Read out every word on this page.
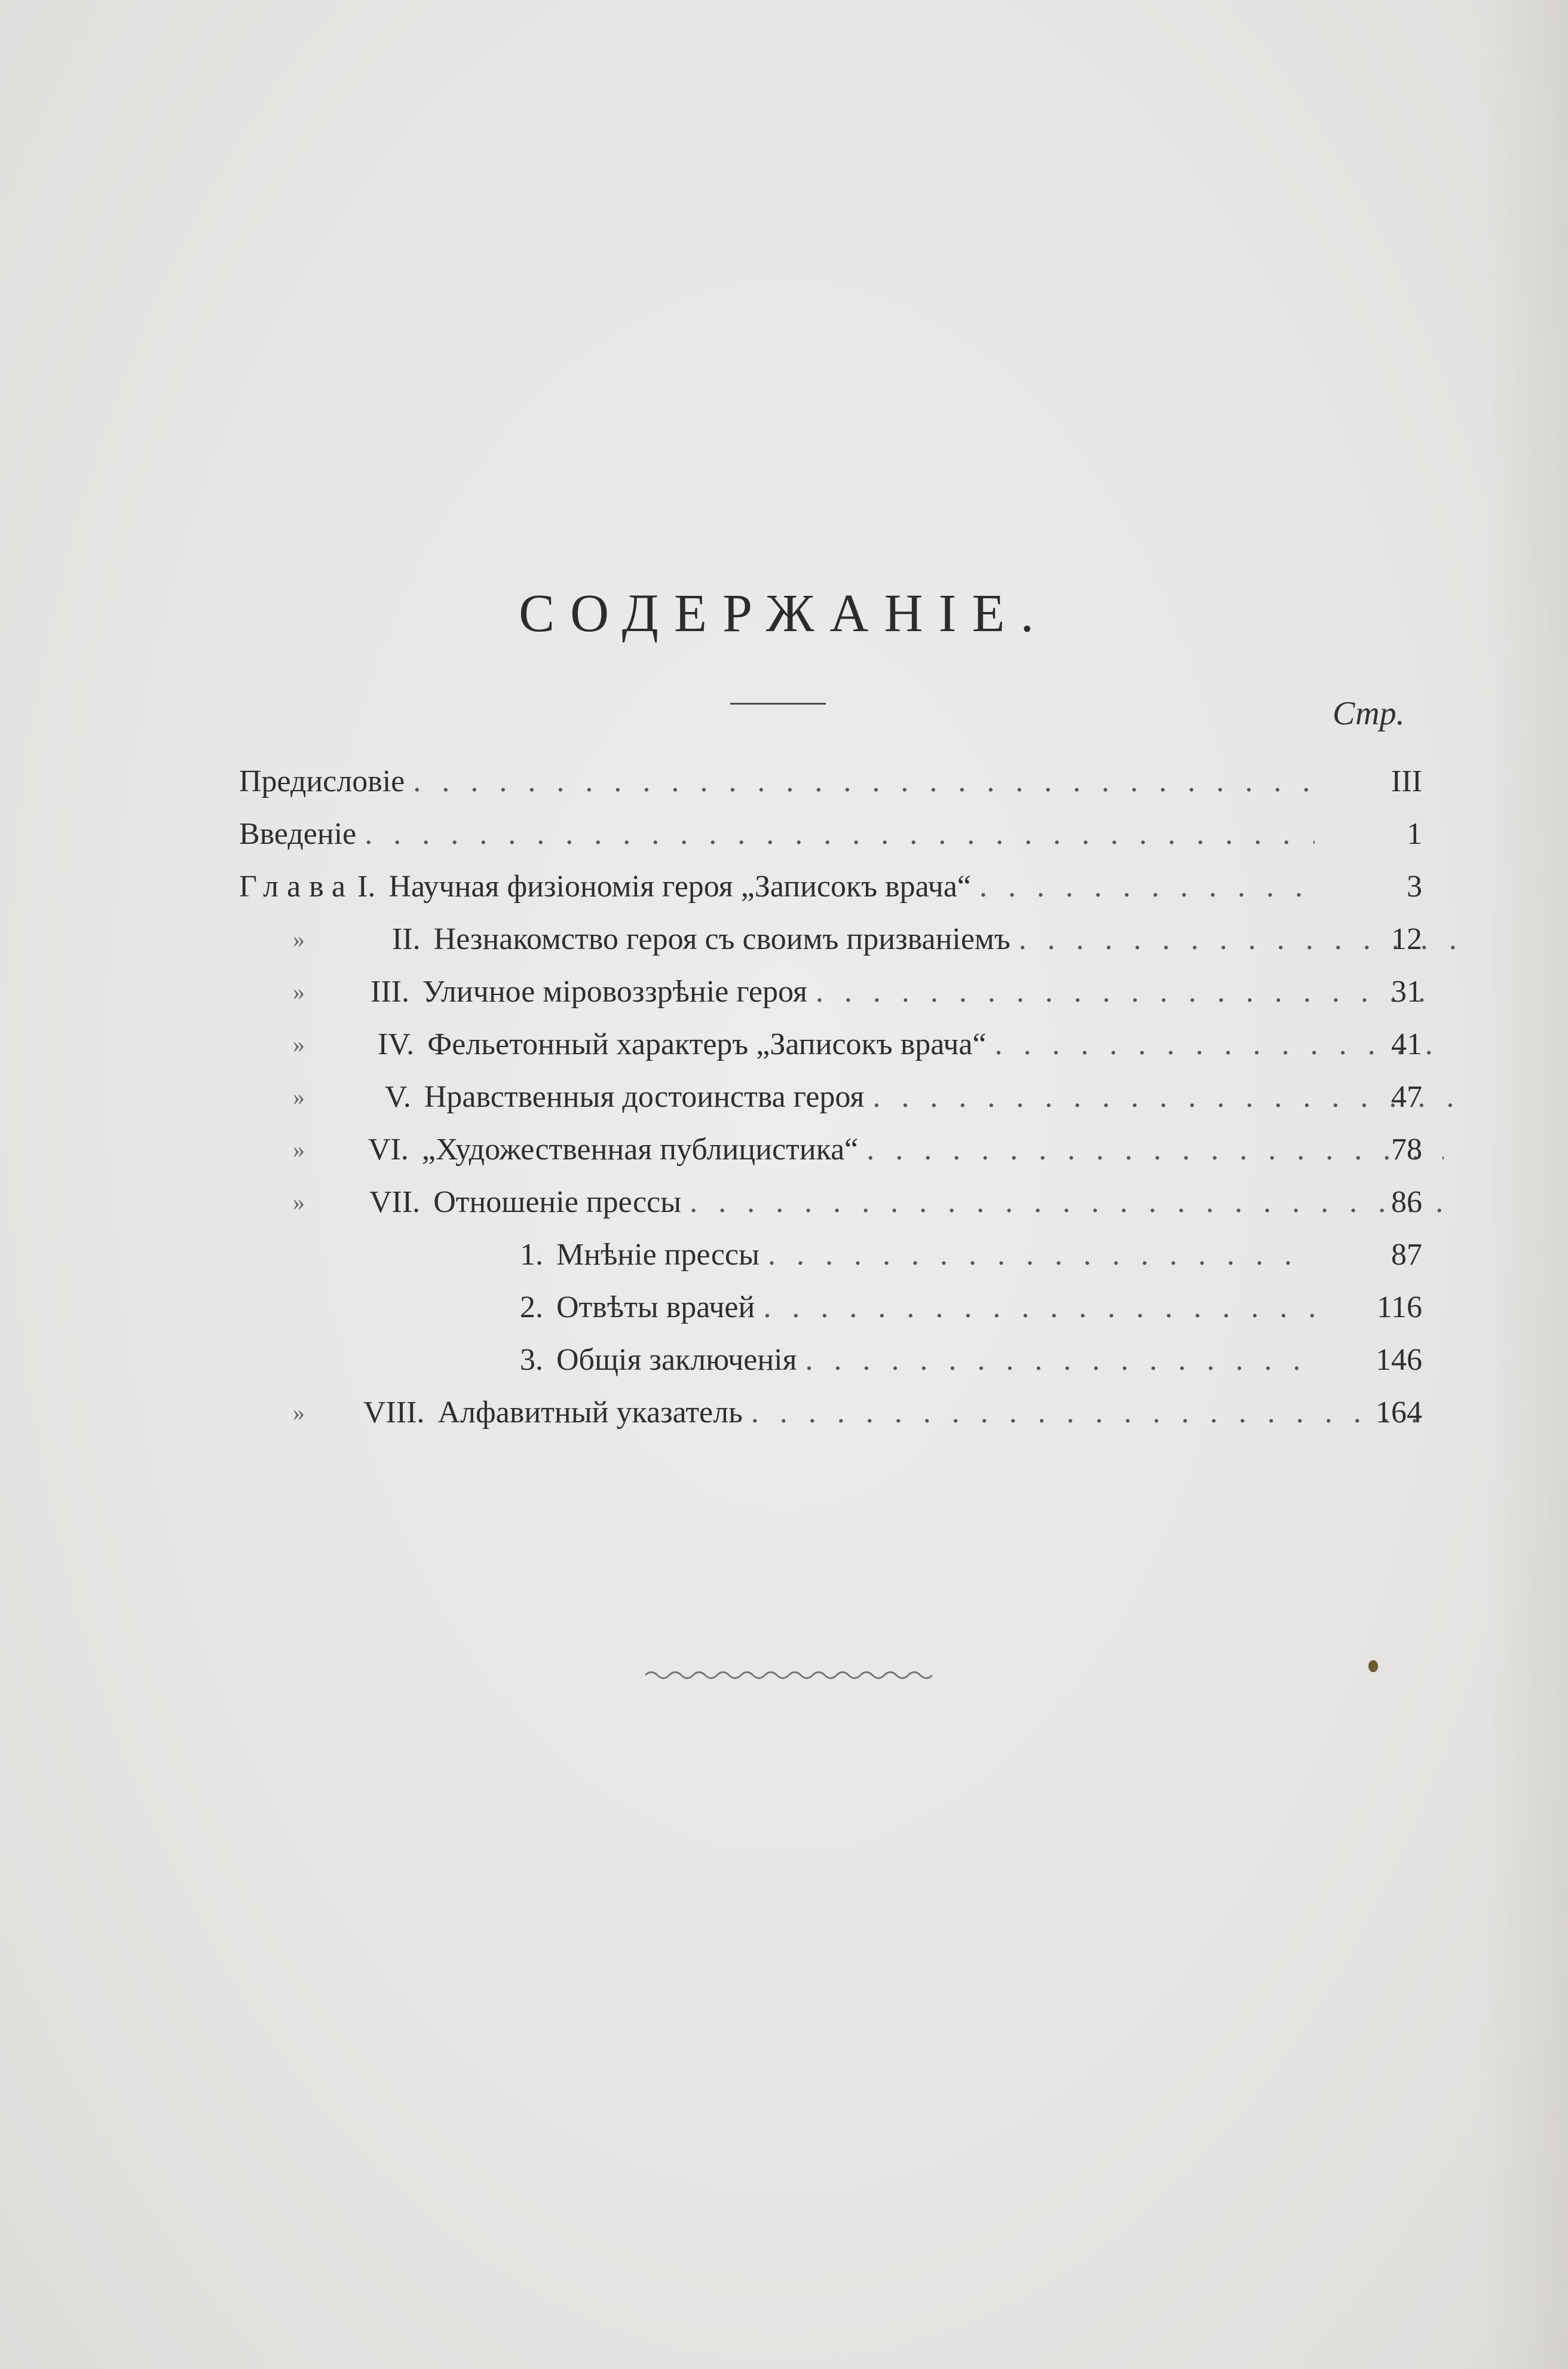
СОДЕРЖАНІЕ.
Стр.
Предисловіе . . .	III
Введеніе . . .	1
Глава I. Научная физіономія героя „Записокъ врача“ . . .	3
»	II. Незнакомство героя съ своимъ призваніемъ . . .	12
» III. Уличное міровоззрѣніе героя . . .	31
» IV. Фельетонный характеръ „Записокъ врача“ . . .	41
»	V. Нравственныя достоинства героя . . .	47
» VI. „Художественная публицистика“ . . .	78
» VII. Отношеніе прессы . . .	86
1. Мнѣніе прессы . . .	87
2. Отвѣты врачей . . .	116
3. Общія заключенія . . .	146
» VIII. Алфавитный указатель . . .	164
